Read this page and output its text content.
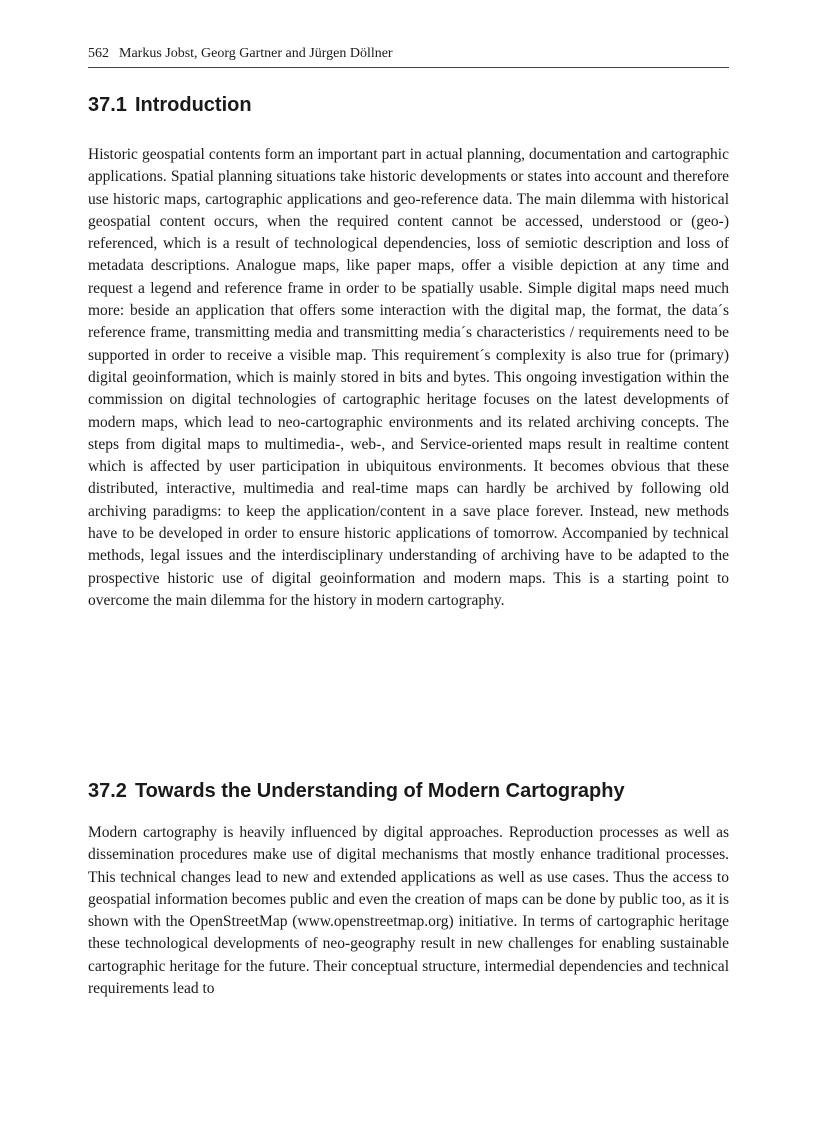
562 Markus Jobst, Georg Gartner and Jürgen Döllner
37.1 Introduction

Historic geospatial contents form an important part in actual planning, documentation and cartographic applications. Spatial planning situations take historic developments or states into account and therefore use historic maps, cartographic applications and geo-reference data. The main dilemma with historical geospatial content occurs, when the required content cannot be accessed, understood or (geo-) referenced, which is a result of technological dependencies, loss of semiotic description and loss of metadata descriptions. Analogue maps, like paper maps, offer a visible depiction at any time and request a legend and reference frame in order to be spatially usable. Simple digital maps need much more: beside an application that offers some interaction with the digital map, the format, the data´s reference frame, transmitting media and transmitting media´s characteristics / requirements need to be supported in order to receive a visible map. This requirement´s complexity is also true for (primary) digital geoinformation, which is mainly stored in bits and bytes. This ongoing investigation within the commission on digital technologies of cartographic heritage focuses on the latest developments of modern maps, which lead to neo-cartographic environments and its related archiving concepts. The steps from digital maps to multimedia-, web-, and Service-oriented maps result in realtime content which is affected by user participation in ubiquitous environments. It becomes obvious that these distributed, interactive, multimedia and real-time maps can hardly be archived by following old archiving paradigms: to keep the application/content in a save place forever. Instead, new methods have to be developed in order to ensure historic applications of tomorrow. Accompanied by technical methods, legal issues and the interdisciplinary understanding of archiving have to be adapted to the prospective historic use of digital geoinformation and modern maps. This is a starting point to overcome the main dilemma for the history in modern cartography.

37.2 Towards the Understanding of Modern Cartography

Modern cartography is heavily influenced by digital approaches. Reproduction processes as well as dissemination procedures make use of digital mechanisms that mostly enhance traditional processes. This technical changes lead to new and extended applications as well as use cases. Thus the access to geospatial information becomes public and even the creation of maps can be done by public too, as it is shown with the OpenStreetMap (www.openstreetmap.org) initiative. In terms of cartographic heritage these technological developments of neo-geography result in new challenges for enabling sustainable cartographic heritage for the future. Their conceptual structure, intermedial dependencies and technical requirements lead to
